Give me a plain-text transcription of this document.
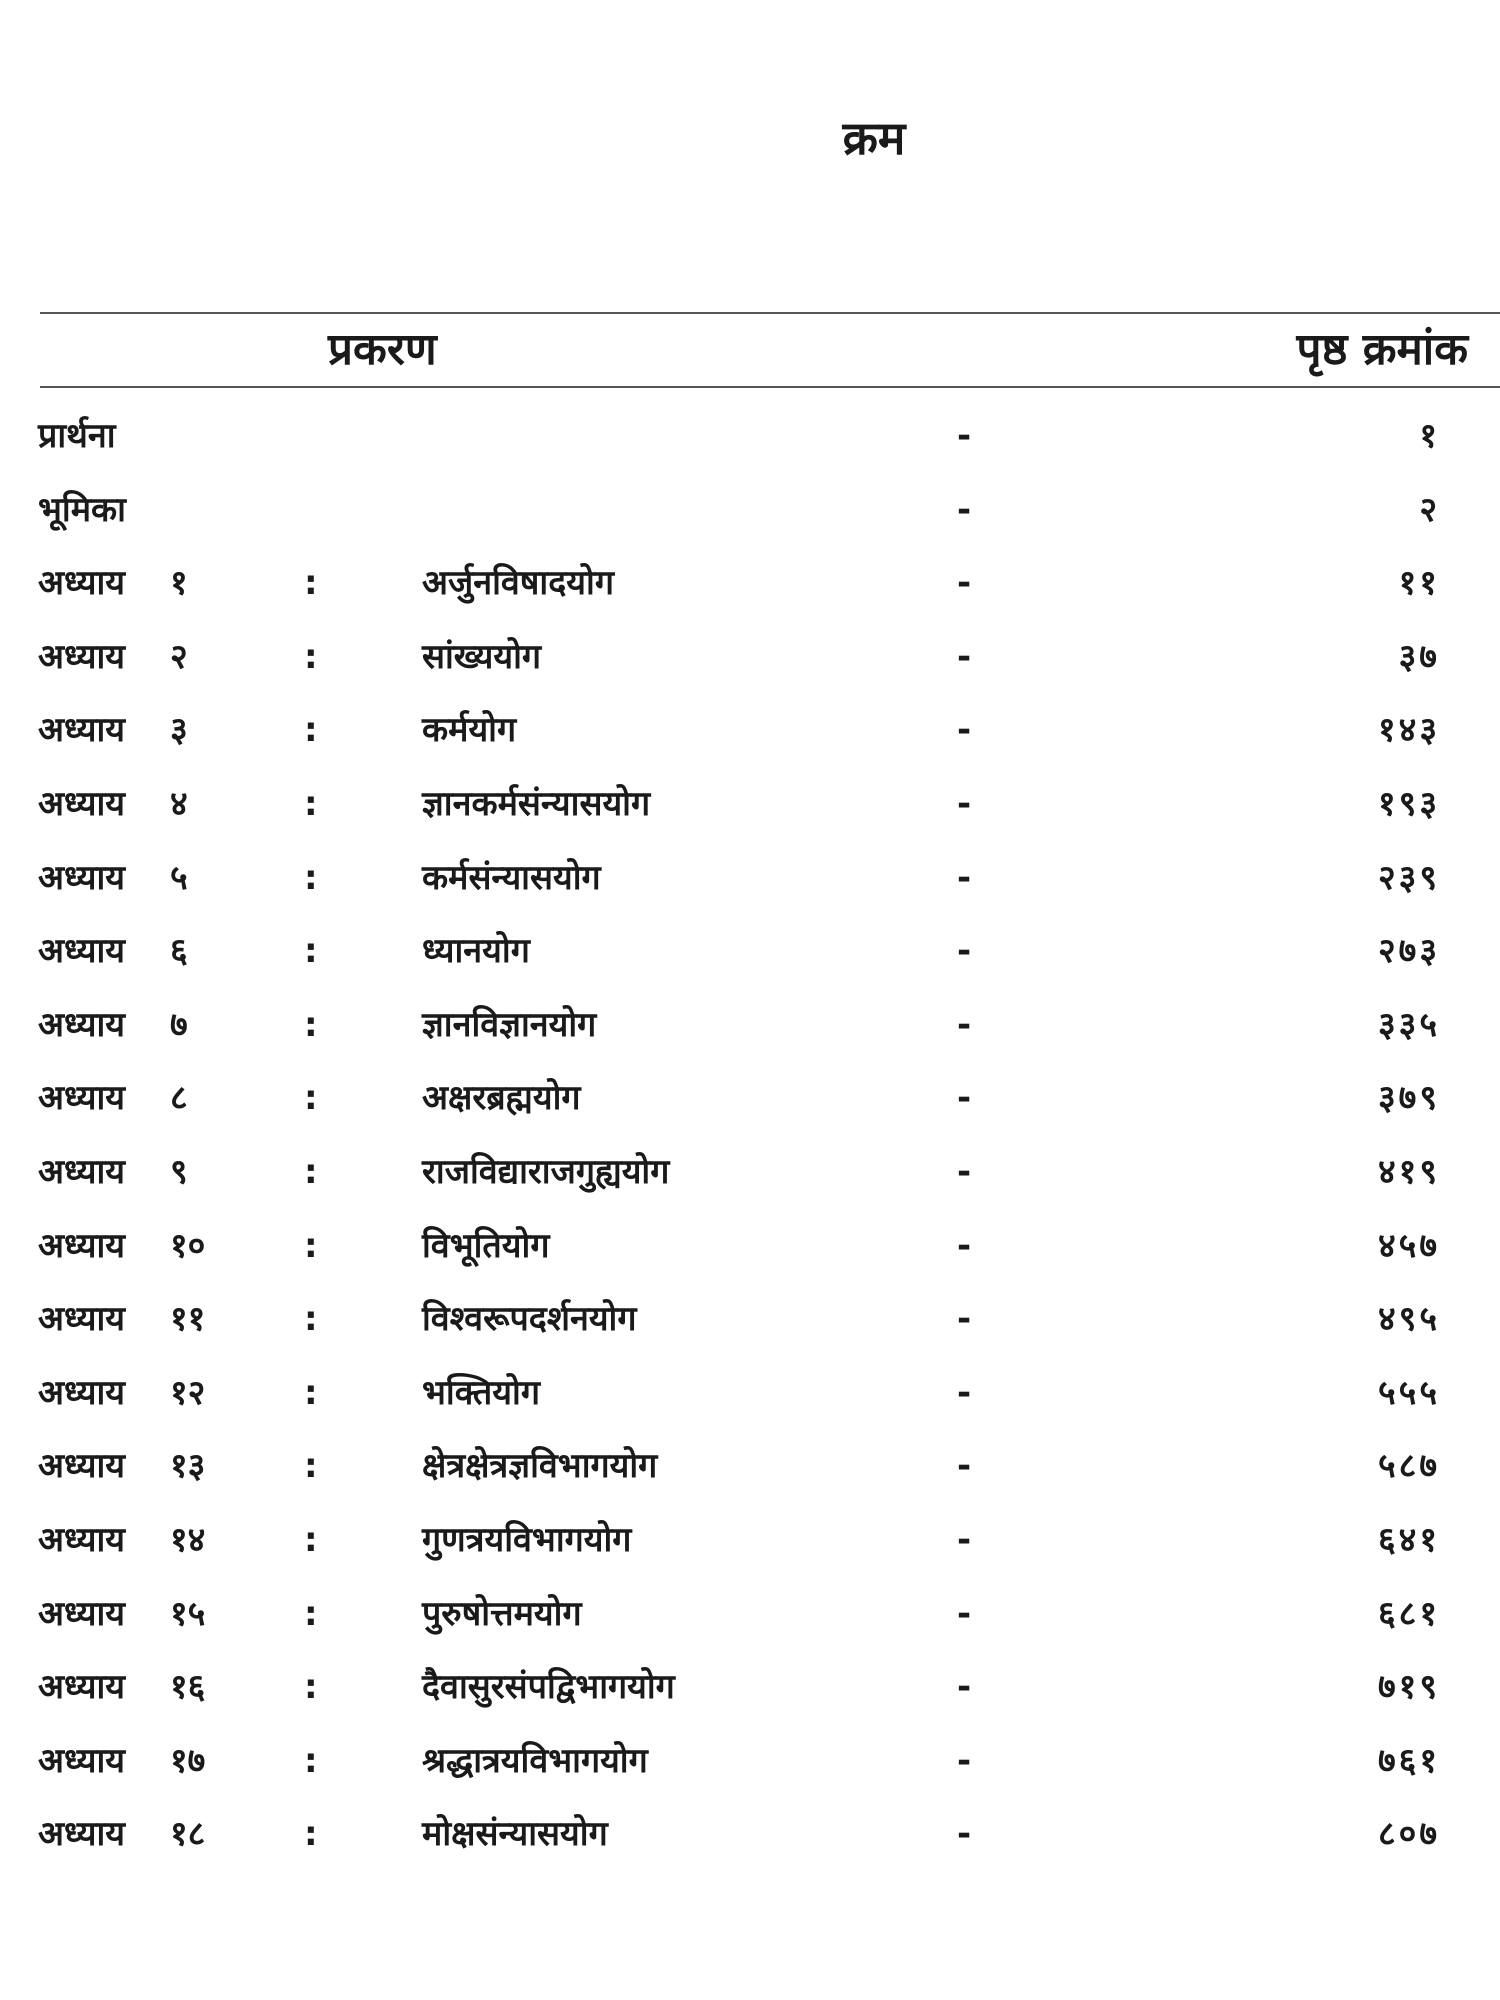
क्रम
प्रकरण	पृष्ठ क्रमांक
प्रार्थना	-	१
भूमिका	-	२
अध्याय १	:	अर्जुनविषादयोग	-	११
अध्याय २	:	सांख्ययोग	-	३७
अध्याय ३	:	कर्मयोग	-	१४३
अध्याय ४	:	ज्ञानकर्मसंन्यासयोग	-	१९३
अध्याय ५	:	कर्मसंन्यासयोग	-	२३९
अध्याय ६	:	ध्यानयोग	-	२७३
अध्याय ७	:	ज्ञानविज्ञानयोग	-	३३५
अध्याय ८	:	अक्षरब्रह्मयोग	-	३७९
अध्याय ९	:	राजविद्याराजगुह्ययोग	-	४१९
अध्याय १०	:	विभूतियोग	-	४५७
अध्याय ११	:	विश्वरूपदर्शनयोग	-	४९५
अध्याय १२	:	भक्तियोग	-	५५५
अध्याय १३	:	क्षेत्रक्षेत्रज्ञविभागयोग	-	५८७
अध्याय १४	:	गुणत्रयविभागयोग	-	६४१
अध्याय १५	:	पुरुषोत्तमयोग	-	६८१
अध्याय १६	:	दैवासुरसंपद्विभागयोग	-	७१९
अध्याय १७	:	श्रद्धात्रयविभागयोग	-	७६१
अध्याय १८	:	मोक्षसंन्यासयोग	-	८०७
